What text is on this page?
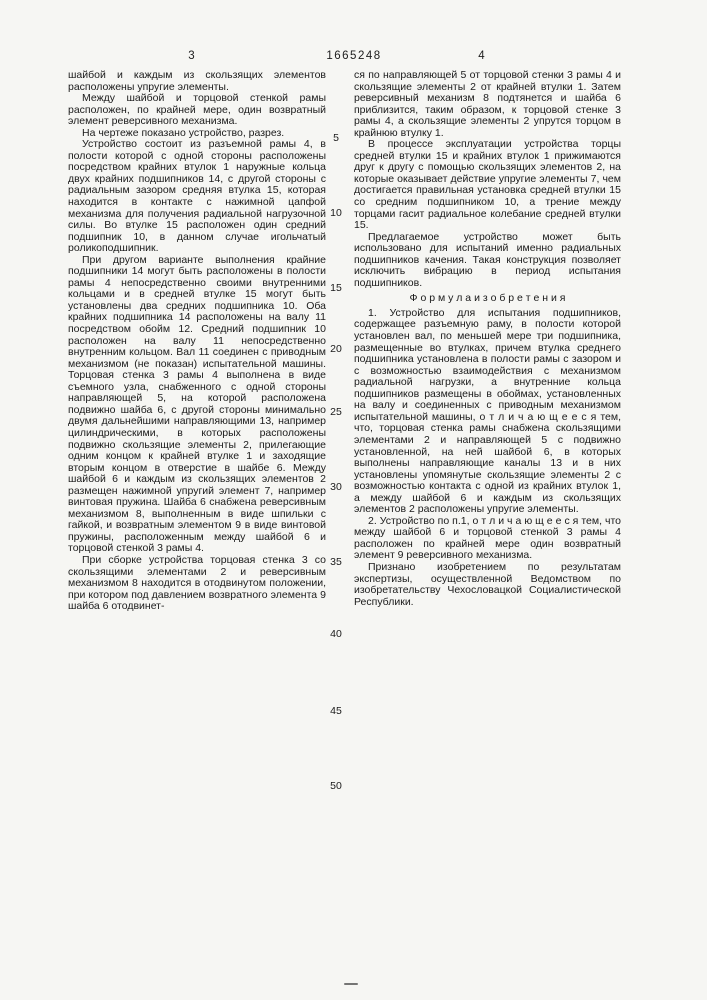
3	1665248	4

шайбой и каждым из скользящих элементов расположены упругие элементы.

Между шайбой и торцовой стенкой рамы расположен, по крайней мере, один возвратный элемент реверсивного механизма.

На чертеже показано устройство, разрез.

Устройство состоит из разъемной рамы 4, в полости которой с одной стороны расположены посредством крайних втулок 1 наружные кольца двух крайних подшипников 14, с другой стороны с радиальным зазором средняя втулка 15, которая находится в контакте с нажимной цапфой механизма для получения радиальной нагрузочной силы. Во втулке 15 расположен один средний подшипник 10, в данном случае игольчатый роликоподшипник.

При другом варианте выполнения крайние подшипники 14 могут быть расположены в полости рамы 4 непосредственно своими внутренними кольцами и в средней втулке 15 могут быть установлены два средних подшипника 10. Оба крайних подшипника 14 расположены на валу 11 посредством обойм 12. Средний подшипник 10 расположен на валу 11 непосредственно внутренним кольцом. Вал 11 соединен с приводным механизмом (не показан) испытательной машины. Торцовая стенка 3 рамы 4 выполнена в виде съемного узла, снабженного с одной стороны направляющей 5, на которой расположена подвижно шайба 6, с другой стороны минимально двумя дальнейшими направляющими 13, например цилиндрическими, в которых расположены подвижно скользящие элементы 2, прилегающие одним концом к крайней втулке 1 и заходящие вторым концом в отверстие в шайбе 6. Между шайбой 6 и каждым из скользящих элементов 2 размещен нажимной упругий элемент 7, например винтовая пружина. Шайба 6 снабжена реверсивным механизмом 8, выполненным в виде шпильки с гайкой, и возвратным элементом 9 в виде винтовой пружины, расположенным между шайбой 6 и торцовой стенкой 3 рамы 4.

При сборке устройства торцовая стенка 3 со скользящими элементами 2 и реверсивным механизмом 8 находится в отодвинутом положении, при котором под давлением возвратного элемента 9 шайба 6 отодвинет-

ся по направляющей 5 от торцовой стенки 3 рамы 4 и скользящие элементы 2 от крайней втулки 1. Затем реверсивный механизм 8 подтянется и шайба 6 приблизится, таким образом, к торцовой стенке 3 рамы 4, а скользящие элементы 2 упрутся торцом в крайнюю втулку 1.

В процессе эксплуатации устройства торцы средней втулки 15 и крайних втулок 1 прижимаются друг к другу с помощью скользящих элементов 2, на которые оказывает действие упругие элементы 7, чем достигается правильная установка средней втулки 15 со средним подшипником 10, а трение между торцами гасит радиальное колебание средней втулки 15.

Предлагаемое устройство может быть использовано для испытаний именно радиальных подшипников качения. Такая конструкция позволяет исключить вибрацию в период испытания подшипников.

Ф о р м у л а и з о б р е т е н и я

1. Устройство для испытания подшипников, содержащее разъемную раму, в полости которой установлен вал, по меньшей мере три подшипника, размещенные во втулках, причем втулка среднего подшипника установлена в полости рамы с зазором и с возможностью взаимодействия с механизмом радиальной нагрузки, а внутренние кольца подшипников размещены в обоймах, установленных на валу и соединенных с приводным механизмом испытательной машины, о т л и ч а ю щ е е с я тем, что, торцовая стенка рамы снабжена скользящими элементами 2 и направляющей 5 с подвижно установленной, на ней шайбой 6, в которых выполнены направляющие каналы 13 и в них установлены упомянутые скользящие элементы 2 с возможностью контакта с одной из крайних втулок 1, а между шайбой 6 и каждым из скользящих элементов 2 расположены упругие элементы.

2. Устройство по п.1, о т л и ч а ю щ е е с я тем, что между шайбой 6 и торцовой стенкой 3 рамы 4 расположен по крайней мере один возвратный элемент 9 реверсивного механизма.

Признано изобретением по результатам экспертизы, осуществленной Ведомством по изобретательству Чехословацкой Социалистической Республики.

5
10
15
20
25
30
35
40
45
50
